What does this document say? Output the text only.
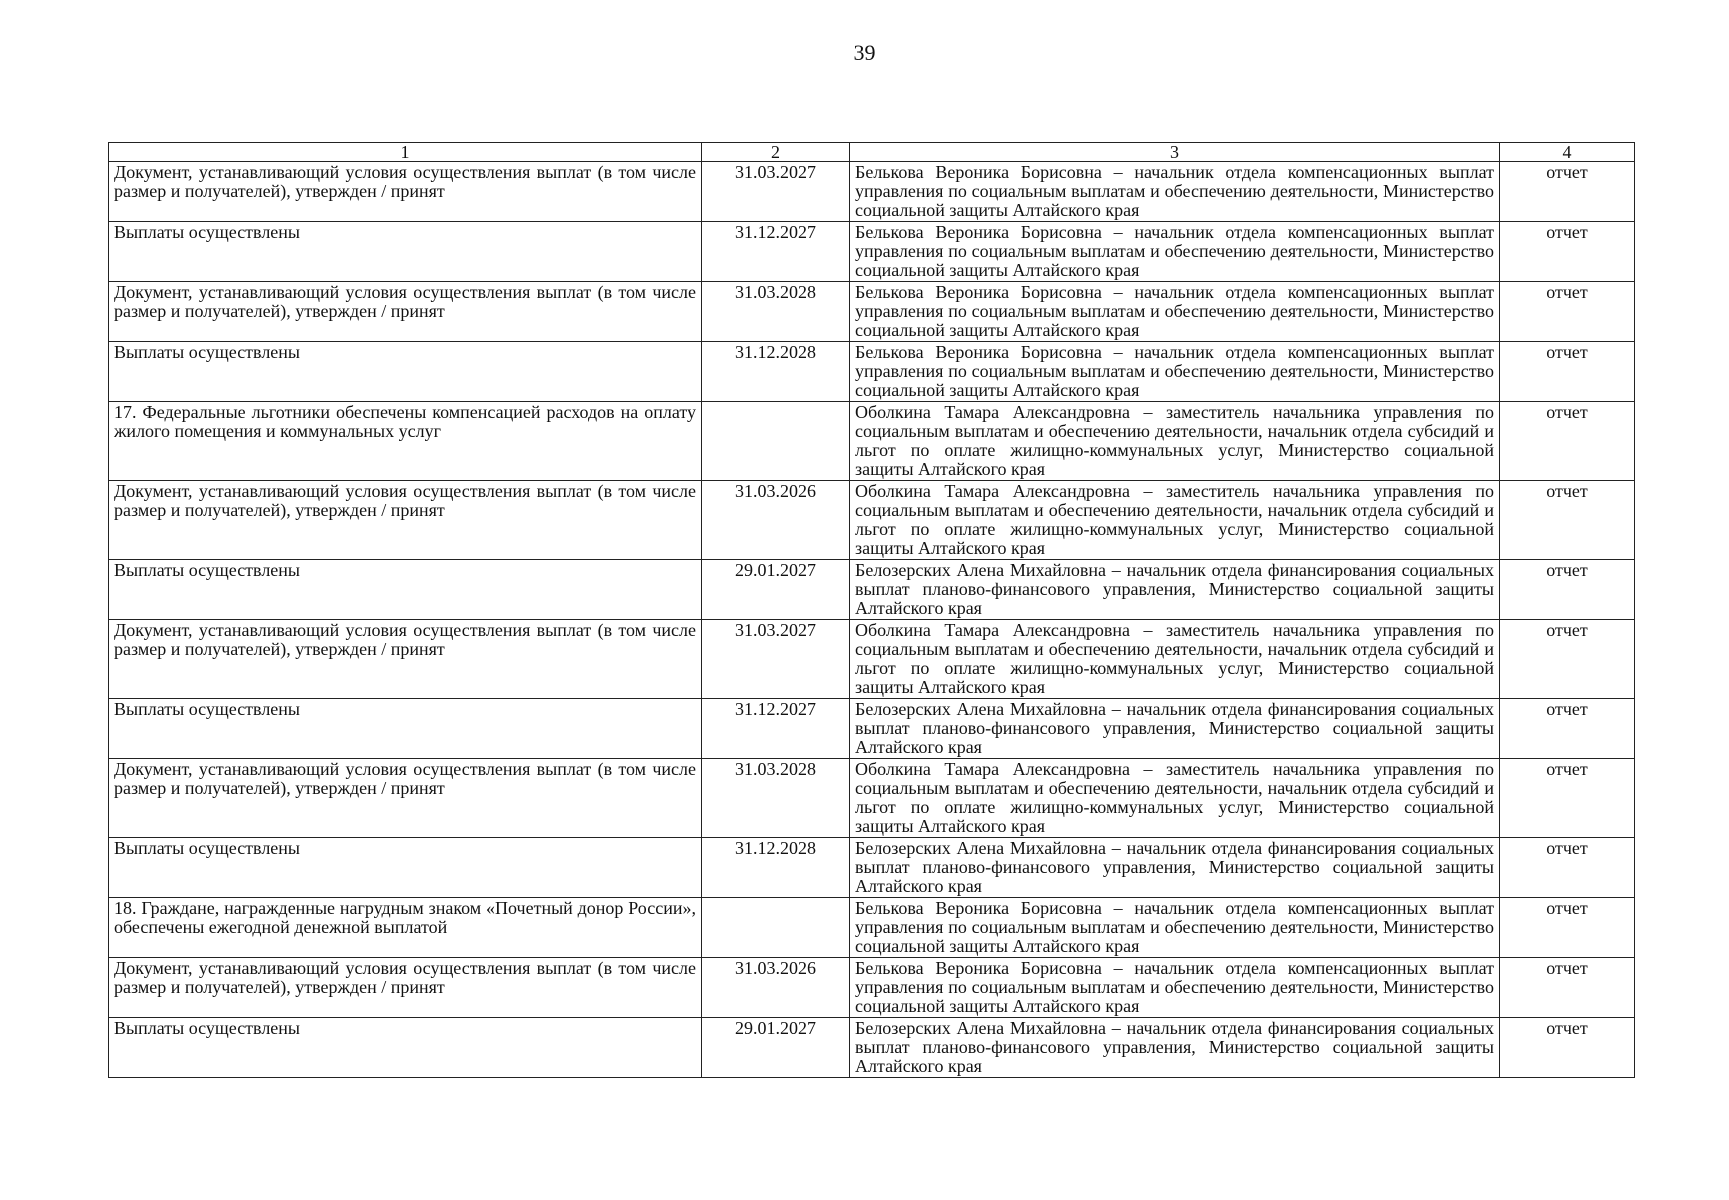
39
1	2	3	4
Документ, устанавливающий условия осуществления выплат (в том числе размер и получателей), утвержден / принят	31.03.2027	Белькова Вероника Борисовна – начальник отдела компенсационных выплат управления по социальным выплатам и обеспечению деятельности, Министерство социальной защиты Алтайского края	отчет
Выплаты осуществлены	31.12.2027	Белькова Вероника Борисовна – начальник отдела компенсационных выплат управления по социальным выплатам и обеспечению деятельности, Министерство социальной защиты Алтайского края	отчет
Документ, устанавливающий условия осуществления выплат (в том числе размер и получателей), утвержден / принят	31.03.2028	Белькова Вероника Борисовна – начальник отдела компенсационных выплат управления по социальным выплатам и обеспечению деятельности, Министерство социальной защиты Алтайского края	отчет
Выплаты осуществлены	31.12.2028	Белькова Вероника Борисовна – начальник отдела компенсационных выплат управления по социальным выплатам и обеспечению деятельности, Министерство социальной защиты Алтайского края	отчет
17. Федеральные льготники обеспечены компенсацией расходов на оплату жилого помещения и коммунальных услуг		Оболкина Тамара Александровна – заместитель начальника управления по социальным выплатам и обеспечению деятельности, начальник отдела субсидий и льгот по оплате жилищно-коммунальных услуг, Министерство социальной защиты Алтайского края	отчет
Документ, устанавливающий условия осуществления выплат (в том числе размер и получателей), утвержден / принят	31.03.2026	Оболкина Тамара Александровна – заместитель начальника управления по социальным выплатам и обеспечению деятельности, начальник отдела субсидий и льгот по оплате жилищно-коммунальных услуг, Министерство социальной защиты Алтайского края	отчет
Выплаты осуществлены	29.01.2027	Белозерских Алена Михайловна – начальник отдела финансирования социальных выплат планово-финансового управления, Министерство социальной защиты Алтайского края	отчет
Документ, устанавливающий условия осуществления выплат (в том числе размер и получателей), утвержден / принят	31.03.2027	Оболкина Тамара Александровна – заместитель начальника управления по социальным выплатам и обеспечению деятельности, начальник отдела субсидий и льгот по оплате жилищно-коммунальных услуг, Министерство социальной защиты Алтайского края	отчет
Выплаты осуществлены	31.12.2027	Белозерских Алена Михайловна – начальник отдела финансирования социальных выплат планово-финансового управления, Министерство социальной защиты Алтайского края	отчет
Документ, устанавливающий условия осуществления выплат (в том числе размер и получателей), утвержден / принят	31.03.2028	Оболкина Тамара Александровна – заместитель начальника управления по социальным выплатам и обеспечению деятельности, начальник отдела субсидий и льгот по оплате жилищно-коммунальных услуг, Министерство социальной защиты Алтайского края	отчет
Выплаты осуществлены	31.12.2028	Белозерских Алена Михайловна – начальник отдела финансирования социальных выплат планово-финансового управления, Министерство социальной защиты Алтайского края	отчет
18. Граждане, награжденные нагрудным знаком «Почетный донор России», обеспечены ежегодной денежной выплатой		Белькова Вероника Борисовна – начальник отдела компенсационных выплат управления по социальным выплатам и обеспечению деятельности, Министерство социальной защиты Алтайского края	отчет
Документ, устанавливающий условия осуществления выплат (в том числе размер и получателей), утвержден / принят	31.03.2026	Белькова Вероника Борисовна – начальник отдела компенсационных выплат управления по социальным выплатам и обеспечению деятельности, Министерство социальной защиты Алтайского края	отчет
Выплаты осуществлены	29.01.2027	Белозерских Алена Михайловна – начальник отдела финансирования социальных выплат планово-финансового управления, Министерство социальной защиты Алтайского края	отчет
